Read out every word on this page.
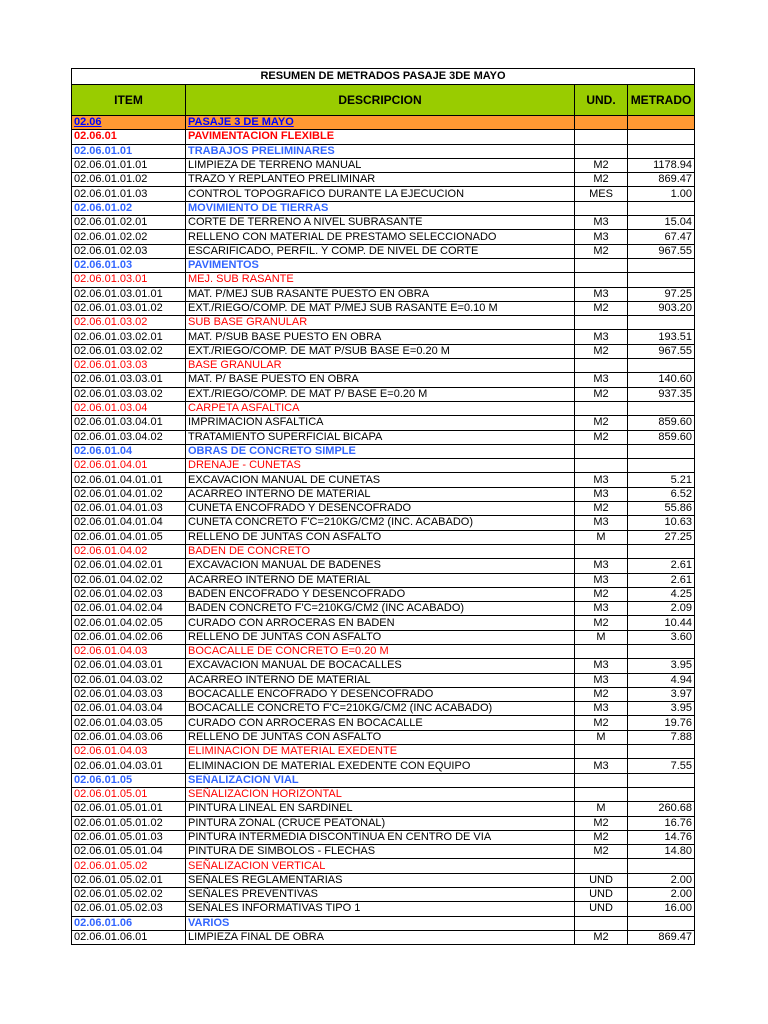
RESUMEN DE METRADOS PASAJE 3DE MAYO			
ITEM	DESCRIPCION	UND.	METRADO
02.06	PASAJE 3 DE MAYO		
02.06.01	PAVIMENTACION FLEXIBLE		
02.06.01.01	TRABAJOS PRELIMINARES		
02.06.01.01.01	LIMPIEZA DE TERRENO MANUAL	M2	1178.94
02.06.01.01.02	TRAZO Y REPLANTEO PRELIMINAR	M2	869.47
02.06.01.01.03	CONTROL TOPOGRAFICO DURANTE LA EJECUCION	MES	1.00
02.06.01.02	MOVIMIENTO DE TIERRAS		
02.06.01.02.01	CORTE DE TERRENO A NIVEL SUBRASANTE	M3	15.04
02.06.01.02.02	RELLENO CON MATERIAL DE PRESTAMO SELECCIONADO	M3	67.47
02.06.01.02.03	ESCARIFICADO, PERFIL. Y COMP. DE NIVEL DE CORTE	M2	967.55
02.06.01.03	PAVIMENTOS		
02.06.01.03.01	MEJ. SUB RASANTE		
02.06.01.03.01.01	MAT. P/MEJ SUB RASANTE PUESTO EN OBRA	M3	97.25
02.06.01.03.01.02	EXT./RIEGO/COMP. DE MAT P/MEJ SUB RASANTE E=0.10 M	M2	903.20
02.06.01.03.02	SUB BASE GRANULAR		
02.06.01.03.02.01	MAT. P/SUB BASE PUESTO EN OBRA	M3	193.51
02.06.01.03.02.02	EXT./RIEGO/COMP. DE MAT P/SUB BASE E=0.20 M	M2	967.55
02.06.01.03.03	BASE GRANULAR		
02.06.01.03.03.01	MAT. P/ BASE PUESTO EN OBRA	M3	140.60
02.06.01.03.03.02	EXT./RIEGO/COMP. DE MAT P/ BASE E=0.20 M	M2	937.35
02.06.01.03.04	CARPETA ASFALTICA		
02.06.01.03.04.01	IMPRIMACION ASFALTICA	M2	859.60
02.06.01.03.04.02	TRATAMIENTO SUPERFICIAL BICAPA	M2	859.60
02.06.01.04	OBRAS DE CONCRETO SIMPLE		
02.06.01.04.01	DRENAJE - CUNETAS		
02.06.01.04.01.01	EXCAVACION MANUAL DE CUNETAS	M3	5.21
02.06.01.04.01.02	ACARREO INTERNO DE MATERIAL	M3	6.52
02.06.01.04.01.03	CUNETA ENCOFRADO Y DESENCOFRADO	M2	55.86
02.06.01.04.01.04	CUNETA CONCRETO F'C=210KG/CM2 (INC. ACABADO)	M3	10.63
02.06.01.04.01.05	RELLENO DE JUNTAS CON ASFALTO	M	27.25
02.06.01.04.02	BADEN DE CONCRETO		
02.06.01.04.02.01	EXCAVACION MANUAL DE BADENES	M3	2.61
02.06.01.04.02.02	ACARREO INTERNO DE MATERIAL	M3	2.61
02.06.01.04.02.03	BADEN ENCOFRADO Y DESENCOFRADO	M2	4.25
02.06.01.04.02.04	BADEN CONCRETO F'C=210KG/CM2 (INC ACABADO)	M3	2.09
02.06.01.04.02.05	CURADO CON ARROCERAS EN BADEN	M2	10.44
02.06.01.04.02.06	RELLENO DE JUNTAS CON ASFALTO	M	3.60
02.06.01.04.03	BOCACALLE DE CONCRETO E=0.20 M		
02.06.01.04.03.01	EXCAVACION MANUAL DE BOCACALLES	M3	3.95
02.06.01.04.03.02	ACARREO INTERNO DE MATERIAL	M3	4.94
02.06.01.04.03.03	BOCACALLE ENCOFRADO Y DESENCOFRADO	M2	3.97
02.06.01.04.03.04	BOCACALLE CONCRETO F'C=210KG/CM2 (INC ACABADO)	M3	3.95
02.06.01.04.03.05	CURADO CON ARROCERAS EN BOCACALLE	M2	19.76
02.06.01.04.03.06	RELLENO DE JUNTAS CON ASFALTO	M	7.88
02.06.01.04.03	ELIMINACION DE MATERIAL EXEDENTE		
02.06.01.04.03.01	ELIMINACION DE MATERIAL EXEDENTE CON EQUIPO	M3	7.55
02.06.01.05	SEÑALIZACION VIAL		
02.06.01.05.01	SEÑALIZACION HORIZONTAL		
02.06.01.05.01.01	PINTURA LINEAL EN SARDINEL	M	260.68
02.06.01.05.01.02	PINTURA ZONAL (CRUCE PEATONAL)	M2	16.76
02.06.01.05.01.03	PINTURA INTERMEDIA DISCONTINUA EN CENTRO DE VIA	M2	14.76
02.06.01.05.01.04	PINTURA DE SIMBOLOS - FLECHAS	M2	14.80
02.06.01.05.02	SEÑALIZACION VERTICAL		
02.06.01.05.02.01	SEÑALES REGLAMENTARIAS	UND	2.00
02.06.01.05.02.02	SEÑALES PREVENTIVAS	UND	2.00
02.06.01.05.02.03	SEÑALES INFORMATIVAS TIPO 1	UND	16.00
02.06.01.06	VARIOS		
02.06.01.06.01	LIMPIEZA FINAL DE OBRA	M2	869.47
